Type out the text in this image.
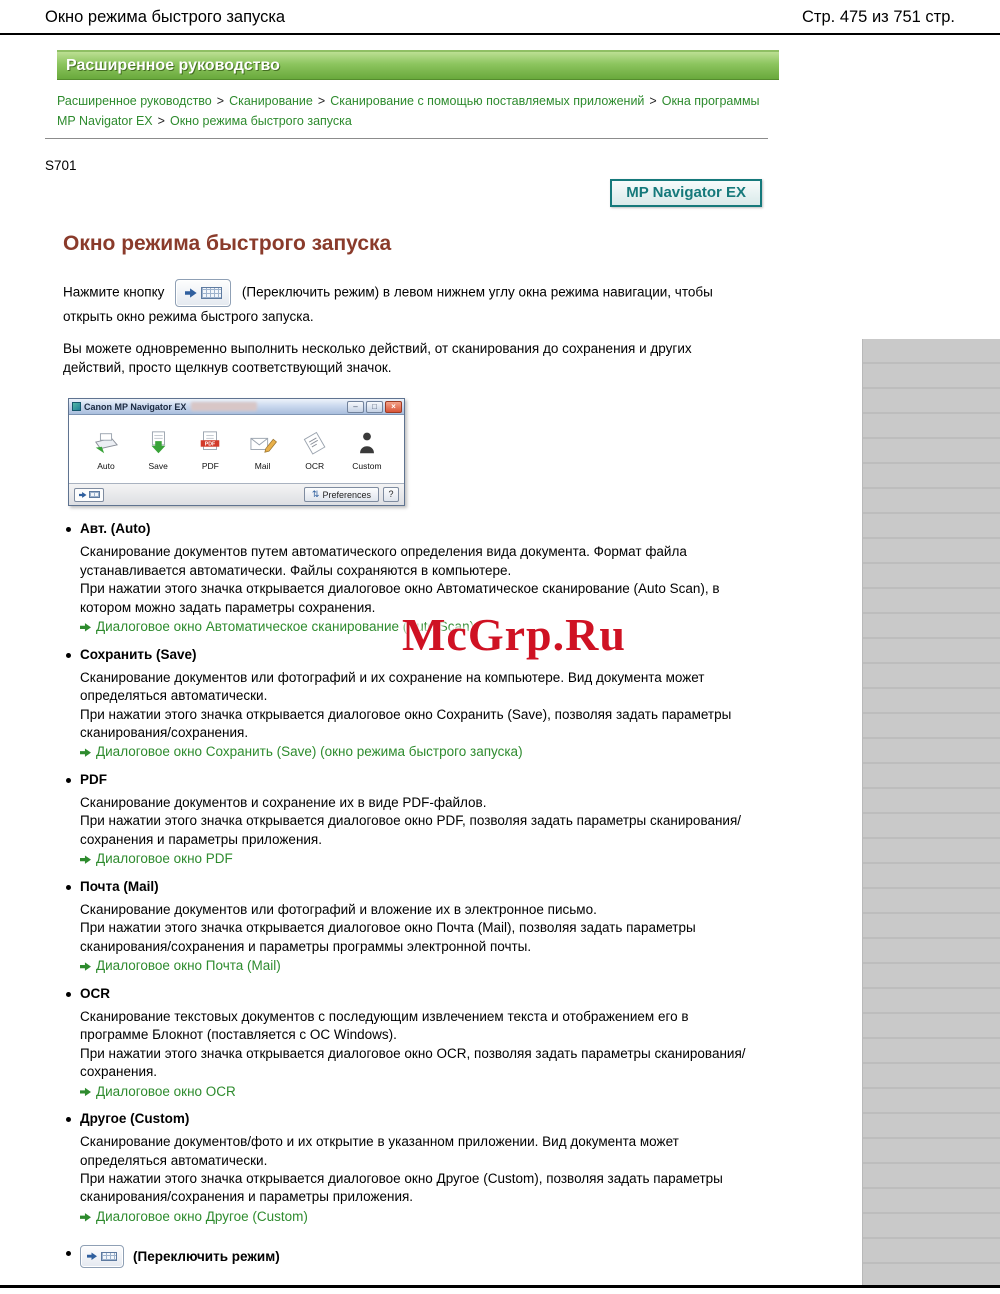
Окно режима быстрого запуска	Стр. 475 из 751 стр.
Расширенное руководство
Расширенное руководство > Сканирование > Сканирование с помощью поставляемых приложений > Окна программы MP Navigator EX > Окно режима быстрого запуска
S701
MP Navigator EX
Окно режима быстрого запуска

Нажмите кнопку	(Переключить режим) в левом нижнем углу окна режима навигации, чтобы открыть окно режима быстрого запуска.

Вы можете одновременно выполнить несколько действий, от сканирования до сохранения и других действий, просто щелкнув соответствующий значок.

Canon MP Navigator EX	–	□	×
Auto	Save
PDF
PDF	Mail	OCR	Custom
⇅ Preferences	?
Авт. (Auto)

Сканирование документов путем автоматического определения вида документа. Формат файла устанавливается автоматически. Файлы сохраняются в компьютере.

При нажатии этого значка открывается диалоговое окно Автоматическое сканирование (Auto Scan), в котором можно задать параметры сохранения.

Диалоговое окно Автоматическое сканирование (Auto Scan)
Сохранить (Save)

Сканирование документов или фотографий и их сохранение на компьютере. Вид документа может определяться автоматически.

При нажатии этого значка открывается диалоговое окно Сохранить (Save), позволяя задать параметры сканирования/сохранения.

Диалоговое окно Сохранить (Save) (окно режима быстрого запуска)
PDF

Сканирование документов и сохранение их в виде PDF-файлов.

При нажатии этого значка открывается диалоговое окно PDF, позволяя задать параметры сканирования/сохранения и параметры приложения.

Диалоговое окно PDF
Почта (Mail)

Сканирование документов или фотографий и вложение их в электронное письмо.

При нажатии этого значка открывается диалоговое окно Почта (Mail), позволяя задать параметры сканирования/сохранения и параметры программы электронной почты.

Диалоговое окно Почта (Mail)
OCR

Сканирование текстовых документов с последующим извлечением текста и отображением его в программе Блокнот (поставляется с ОС Windows).

При нажатии этого значка открывается диалоговое окно OCR, позволяя задать параметры сканирования/сохранения.

Диалоговое окно OCR
Другое (Custom)

Сканирование документов/фото и их открытие в указанном приложении. Вид документа может определяться автоматически.

При нажатии этого значка открывается диалоговое окно Другое (Custom), позволяя задать параметры сканирования/сохранения и параметры приложения.

Диалоговое окно Другое (Custom)
(Переключить режим)
McGrp.Ru
